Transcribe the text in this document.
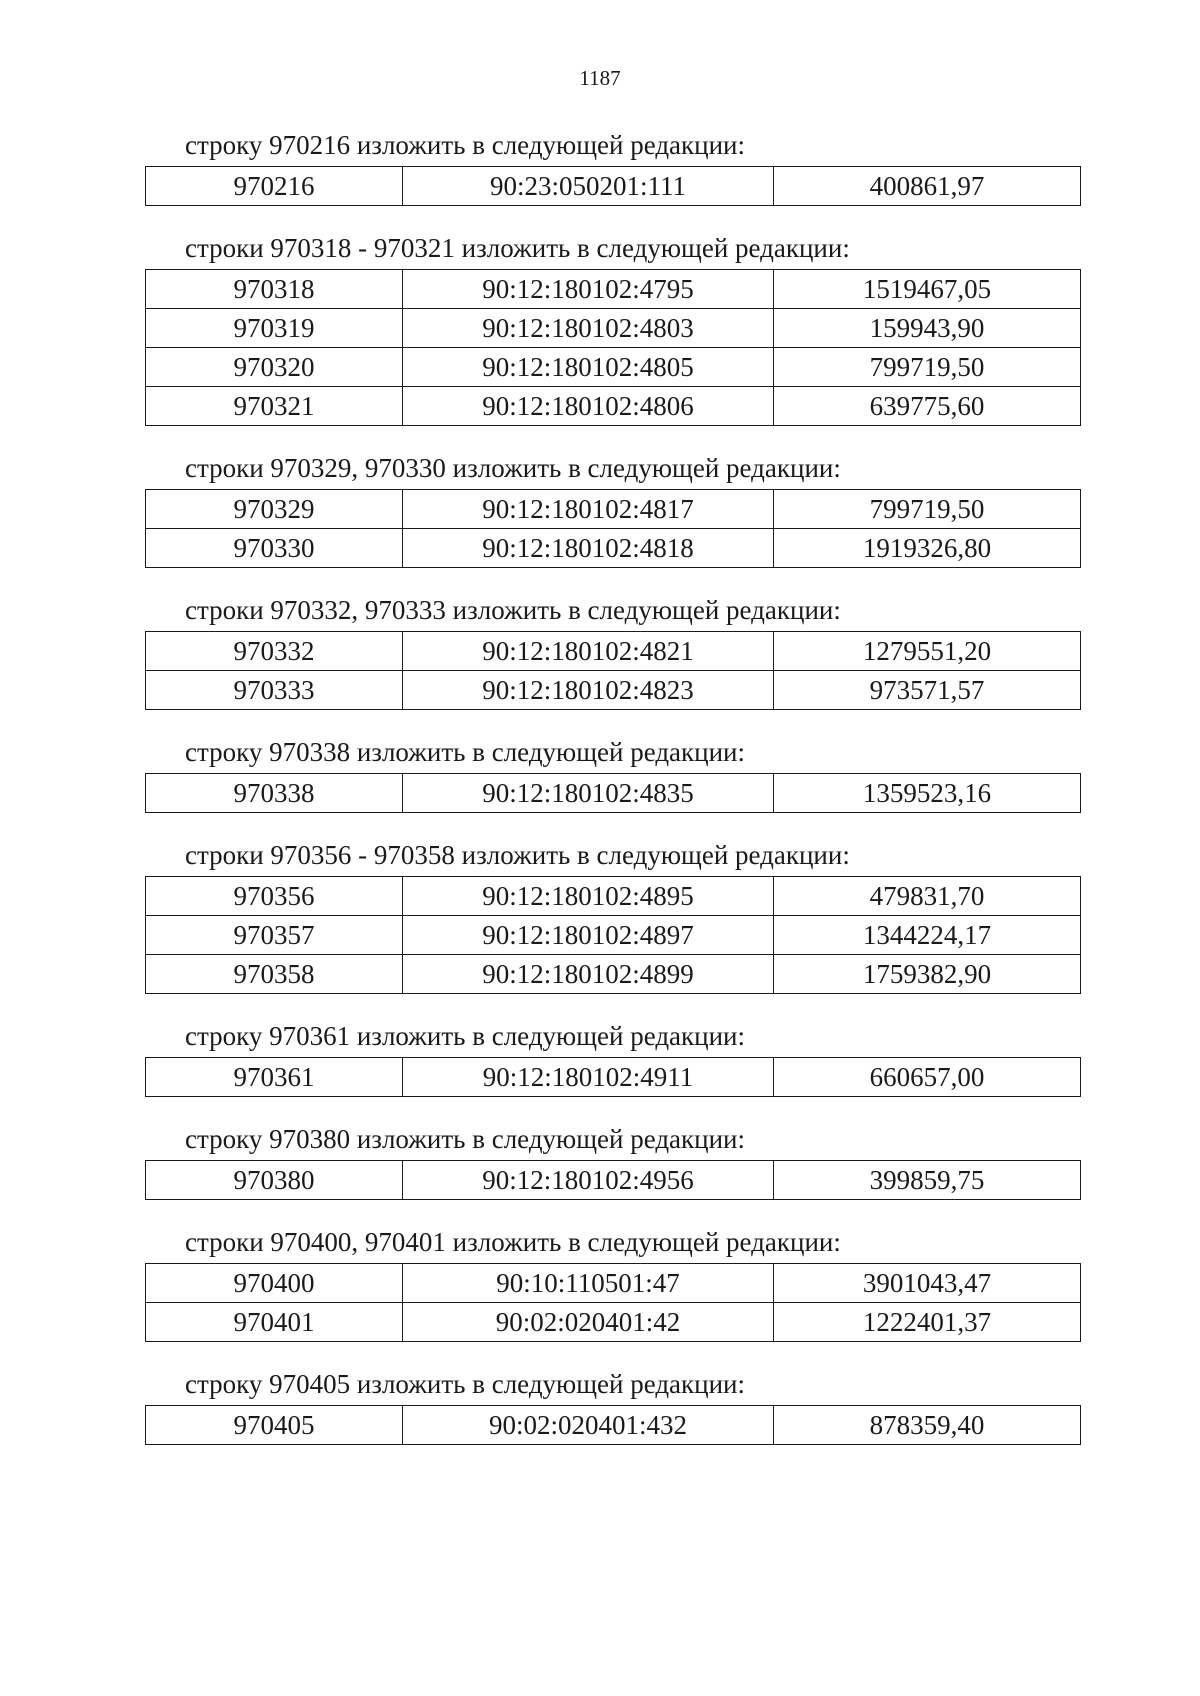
1187

строку 970216 изложить в следующей редакции:

970216	90:23:050201:111	400861,97

строки 970318 - 970321 изложить в следующей редакции:

970318	90:12:180102:4795	1519467,05
970319	90:12:180102:4803	159943,90
970320	90:12:180102:4805	799719,50
970321	90:12:180102:4806	639775,60

строки 970329, 970330 изложить в следующей редакции:

970329	90:12:180102:4817	799719,50
970330	90:12:180102:4818	1919326,80

строки 970332, 970333 изложить в следующей редакции:

970332	90:12:180102:4821	1279551,20
970333	90:12:180102:4823	973571,57

строку 970338 изложить в следующей редакции:

970338	90:12:180102:4835	1359523,16

строки 970356 - 970358 изложить в следующей редакции:

970356	90:12:180102:4895	479831,70
970357	90:12:180102:4897	1344224,17
970358	90:12:180102:4899	1759382,90

строку 970361 изложить в следующей редакции:

970361	90:12:180102:4911	660657,00

строку 970380 изложить в следующей редакции:

970380	90:12:180102:4956	399859,75

строки 970400, 970401 изложить в следующей редакции:

970400	90:10:110501:47	3901043,47
970401	90:02:020401:42	1222401,37

строку 970405 изложить в следующей редакции:

970405	90:02:020401:432	878359,40
